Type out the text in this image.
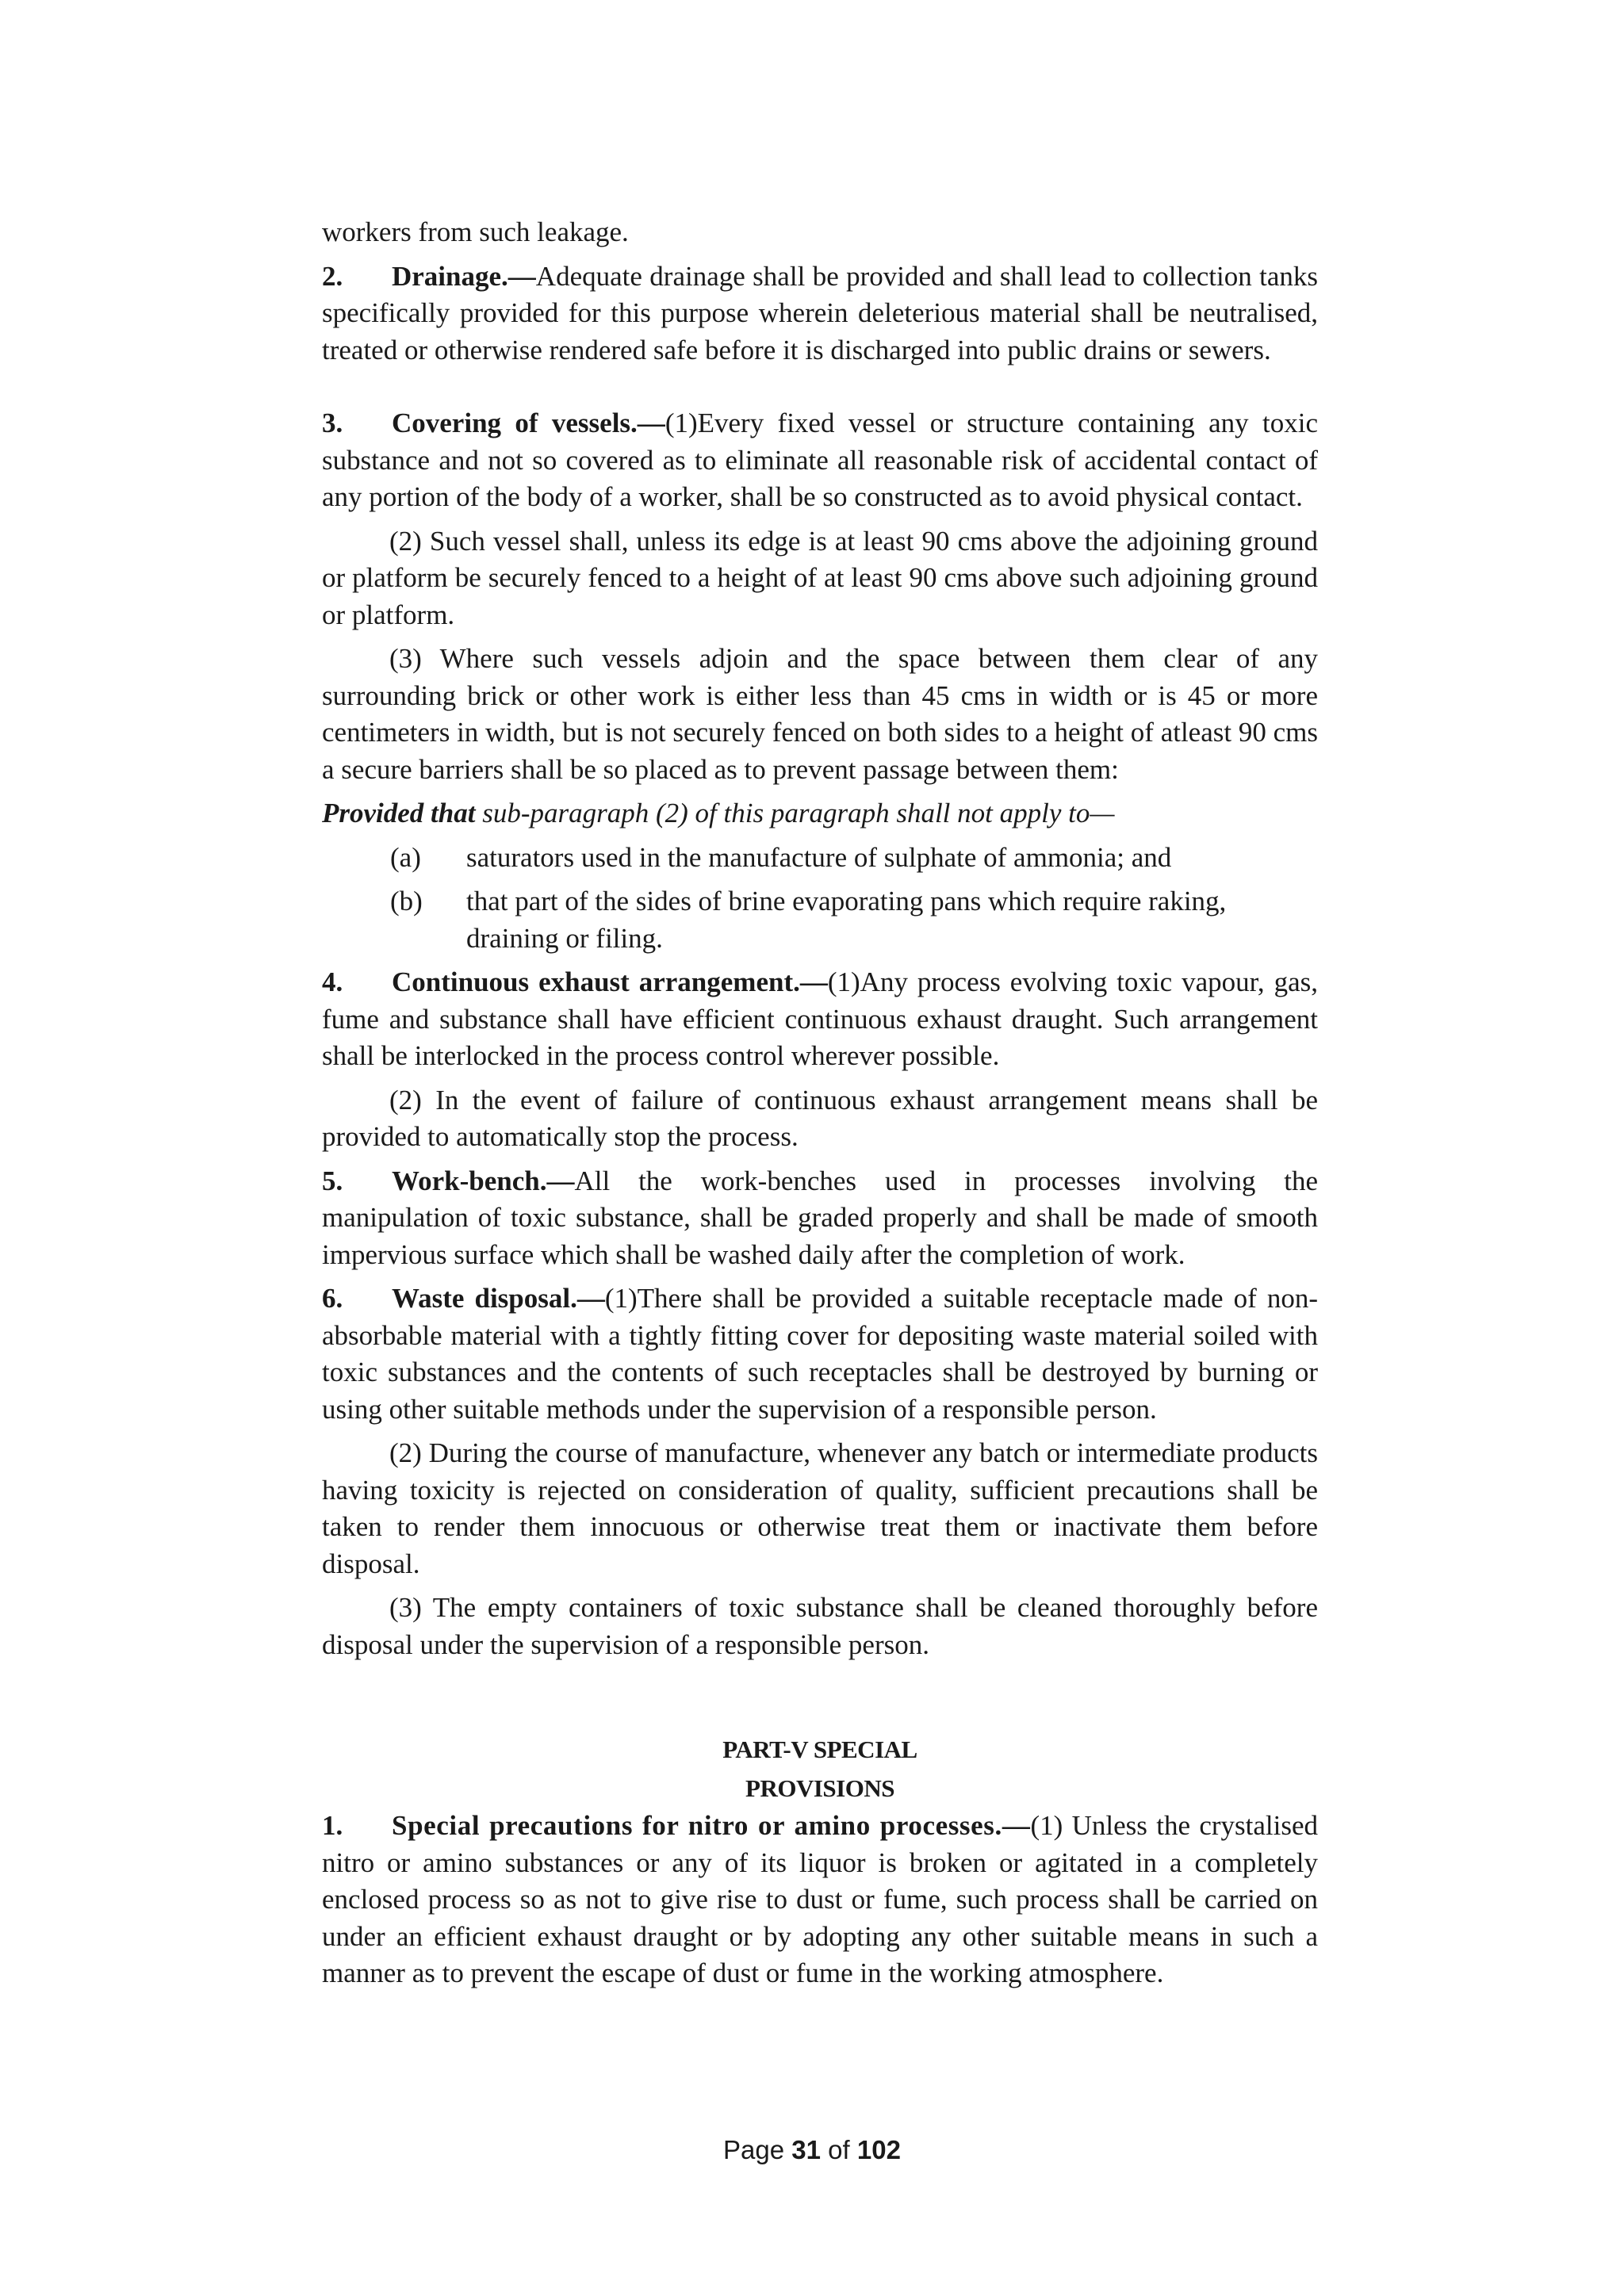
workers from such leakage.

2. Drainage.—Adequate drainage shall be provided and shall lead to collection tanks specifically provided for this purpose wherein deleterious material shall be neutralised, treated or otherwise rendered safe before it is discharged into public drains or sewers.

3. Covering of vessels.—(1)Every fixed vessel or structure containing any toxic substance and not so covered as to eliminate all reasonable risk of accidental contact of any portion of the body of a worker, shall be so constructed as to avoid physical contact.

(2) Such vessel shall, unless its edge is at least 90 cms above the adjoining ground or platform be securely fenced to a height of at least 90 cms above such adjoining ground or platform.

(3) Where such vessels adjoin and the space between them clear of any surrounding brick or other work is either less than 45 cms in width or is 45 or more centimeters in width, but is not securely fenced on both sides to a height of atleast 90 cms a secure barriers shall be so placed as to prevent passage between them:

Provided that sub-paragraph (2) of this paragraph shall not apply to—

(a)	saturators used in the manufacture of sulphate of ammonia; and
(b)	that part of the sides of brine evaporating pans which require raking, draining or filing.

4. Continuous exhaust arrangement.—(1)Any process evolving toxic vapour, gas, fume and substance shall have efficient continuous exhaust draught. Such arrangement shall be interlocked in the process control wherever possible.

(2) In the event of failure of continuous exhaust arrangement means shall be provided to automatically stop the process.

5. Work-bench.—All the work-benches used in processes involving the manipulation of toxic substance, shall be graded properly and shall be made of smooth impervious surface which shall be washed daily after the completion of work.

6. Waste disposal.—(1)There shall be provided a suitable receptacle made of non-absorbable material with a tightly fitting cover for depositing waste material soiled with toxic substances and the contents of such receptacles shall be destroyed by burning or using other suitable methods under the supervision of a responsible person.

(2) During the course of manufacture, whenever any batch or intermediate products having toxicity is rejected on consideration of quality, sufficient precautions shall be taken to render them innocuous or otherwise treat them or inactivate them before disposal.

(3) The empty containers of toxic substance shall be cleaned thoroughly before disposal under the supervision of a responsible person.

PART-V SPECIAL
PROVISIONS

1. Special precautions for nitro or amino processes.—(1) Unless the crystalised nitro or amino substances or any of its liquor is broken or agitated in a completely enclosed process so as not to give rise to dust or fume, such process shall be carried on under an efficient exhaust draught or by adopting any other suitable means in such a manner as to prevent the escape of dust or fume in the working atmosphere.

Page 31 of 102
